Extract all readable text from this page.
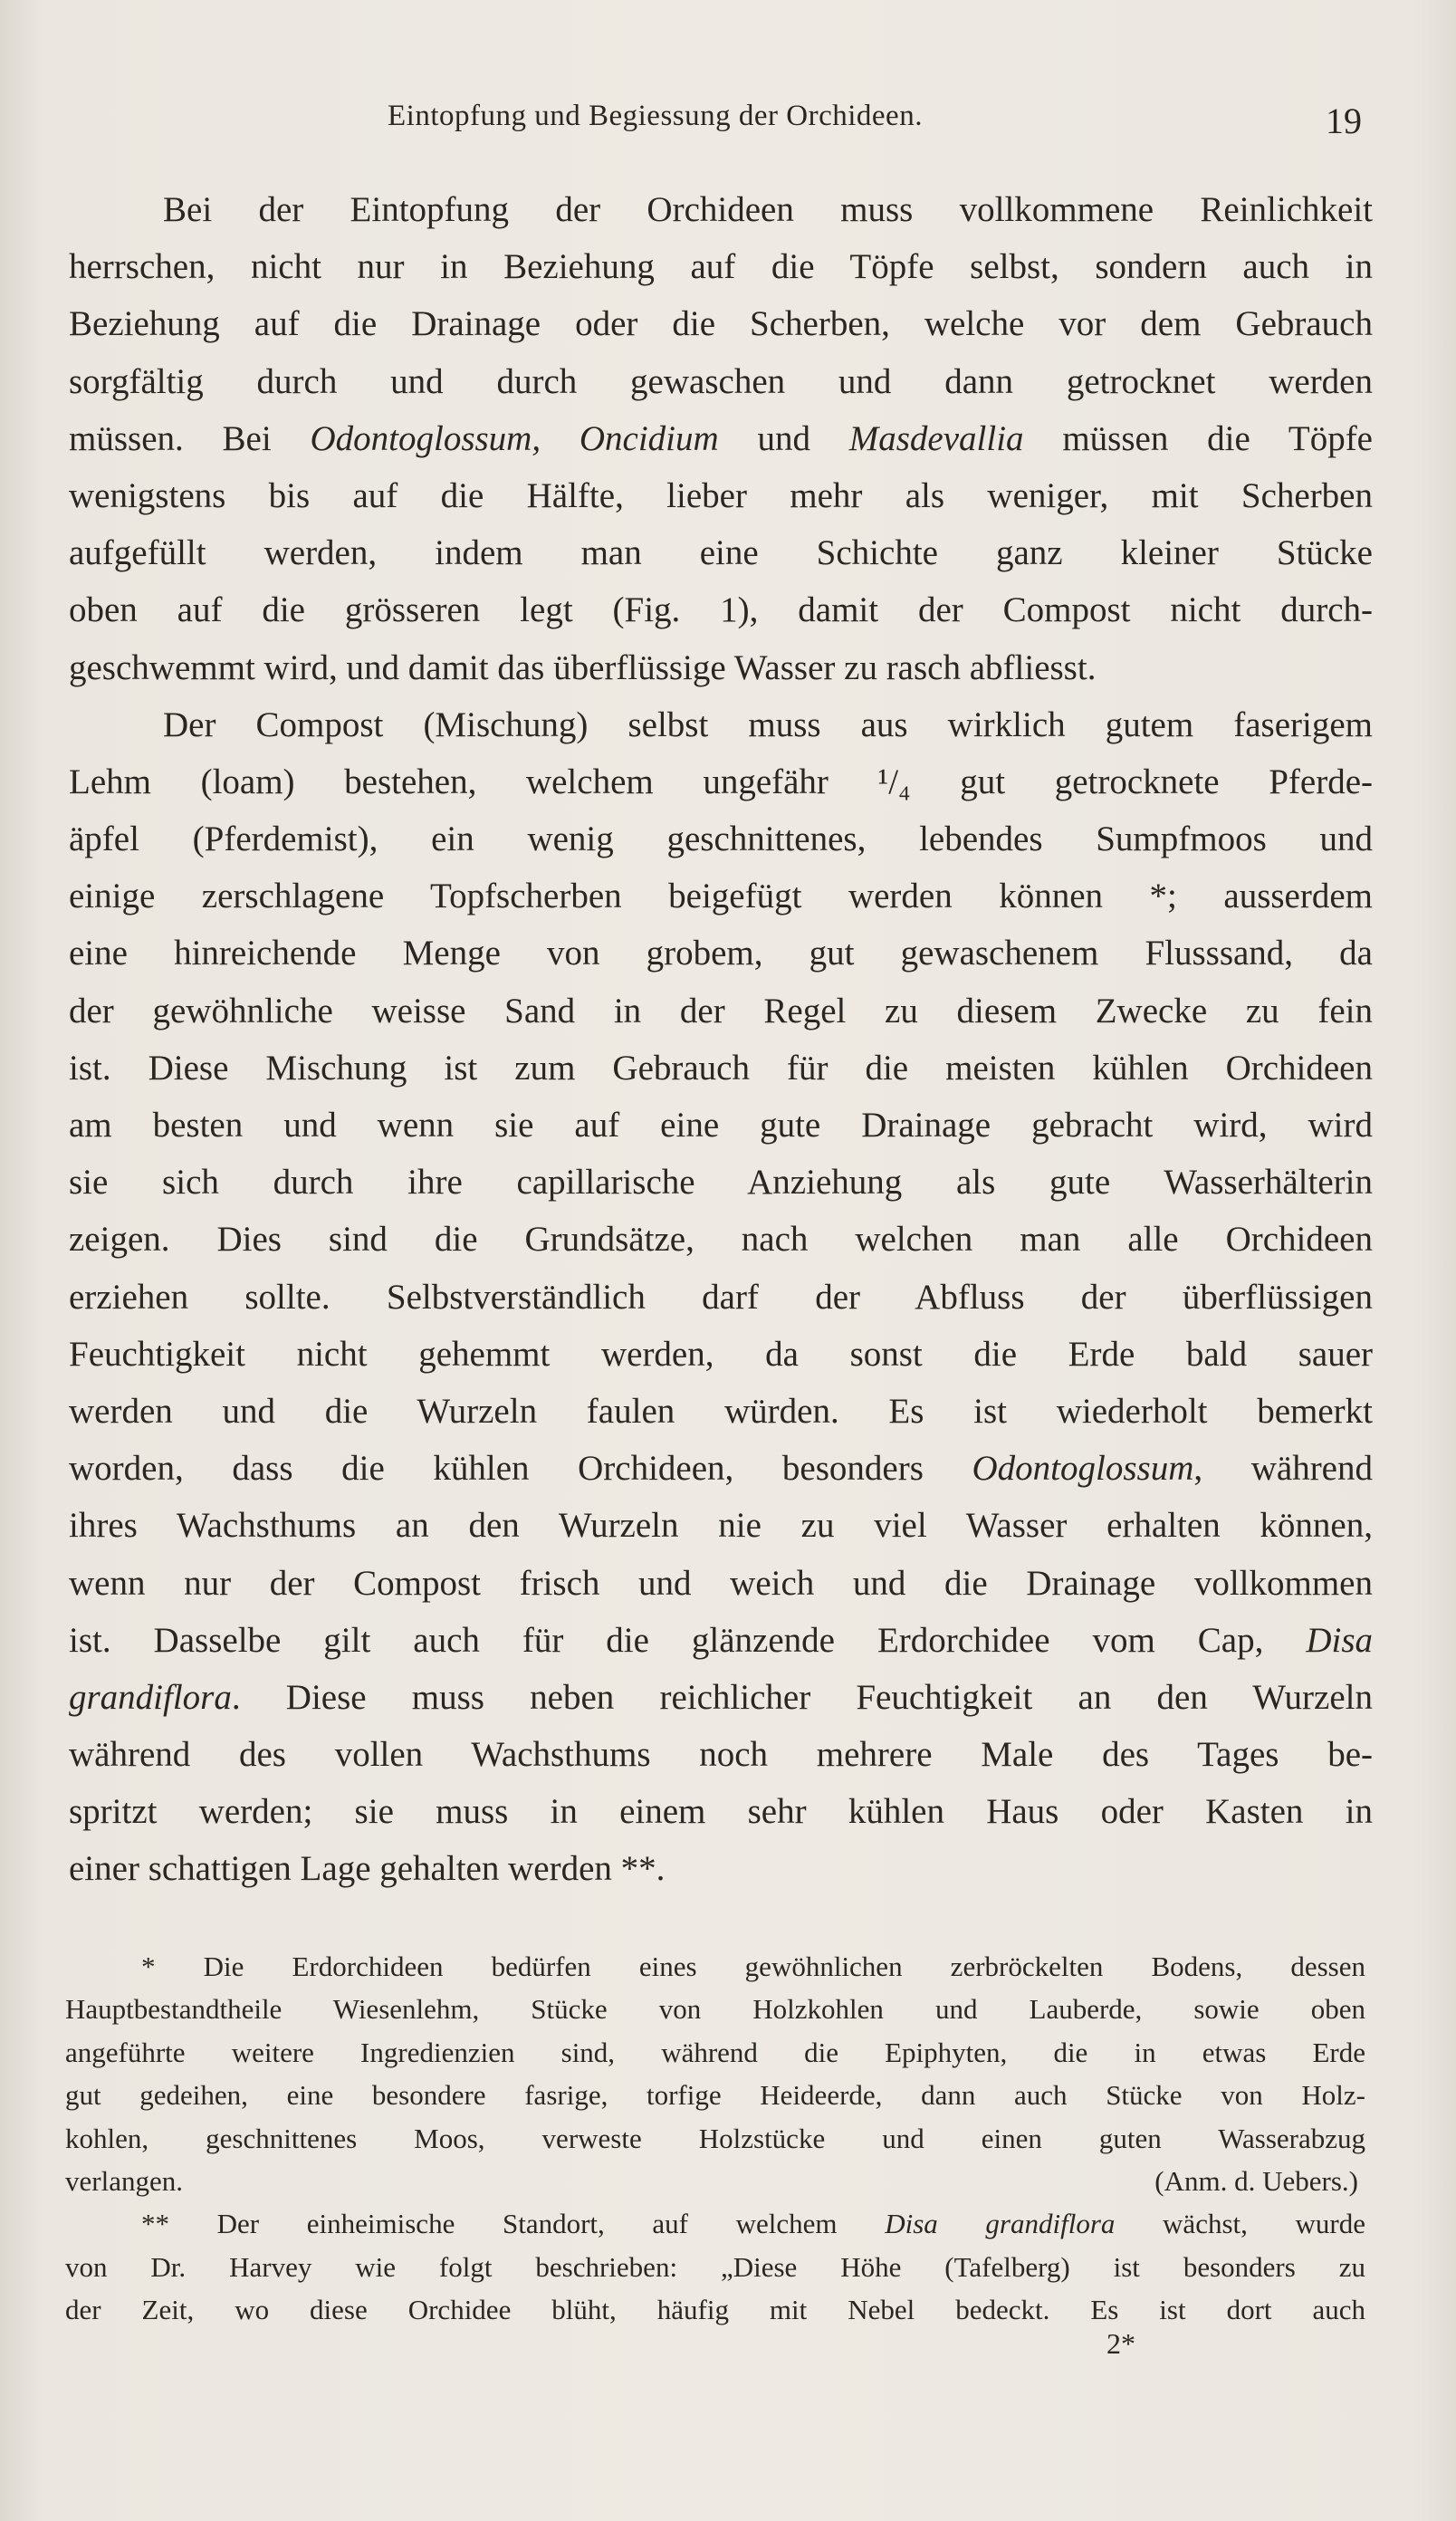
Eintopfung und Begiessung der Orchideen.	19
Bei der Eintopfung der Orchideen muss vollkommene Reinlichkeit
herrschen, nicht nur in Beziehung auf die Töpfe selbst, sondern auch in
Beziehung auf die Drainage oder die Scherben, welche vor dem Gebrauch
sorgfältig durch und durch gewaschen und dann getrocknet werden
müssen. Bei Odontoglossum, Oncidium und Masdevallia müssen die Töpfe
wenigstens bis auf die Hälfte, lieber mehr als weniger, mit Scherben
aufgefüllt werden, indem man eine Schichte ganz kleiner Stücke
oben auf die grösseren legt (Fig. 1), damit der Compost nicht durch-
geschwemmt wird, und damit das überflüssige Wasser zu rasch abfliesst.
Der Compost (Mischung) selbst muss aus wirklich gutem faserigem
Lehm (loam) bestehen, welchem ungefähr ¹/₄ gut getrocknete Pferde-
äpfel (Pferdemist), ein wenig geschnittenes, lebendes Sumpfmoos und
einige zerschlagene Topfscherben beigefügt werden können *; ausserdem
eine hinreichende Menge von grobem, gut gewaschenem Flusssand, da
der gewöhnliche weisse Sand in der Regel zu diesem Zwecke zu fein
ist. Diese Mischung ist zum Gebrauch für die meisten kühlen Orchideen
am besten und wenn sie auf eine gute Drainage gebracht wird, wird
sie sich durch ihre capillarische Anziehung als gute Wasserhälterin
zeigen. Dies sind die Grundsätze, nach welchen man alle Orchideen
erziehen sollte. Selbstverständlich darf der Abfluss der überflüssigen
Feuchtigkeit nicht gehemmt werden, da sonst die Erde bald sauer
werden und die Wurzeln faulen würden. Es ist wiederholt bemerkt
worden, dass die kühlen Orchideen, besonders Odontoglossum, während
ihres Wachsthums an den Wurzeln nie zu viel Wasser erhalten können,
wenn nur der Compost frisch und weich und die Drainage vollkommen
ist. Dasselbe gilt auch für die glänzende Erdorchidee vom Cap, Disa
grandiflora. Diese muss neben reichlicher Feuchtigkeit an den Wurzeln
während des vollen Wachsthums noch mehrere Male des Tages be-
spritzt werden; sie muss in einem sehr kühlen Haus oder Kasten in
einer schattigen Lage gehalten werden **.
* Die Erdorchideen bedürfen eines gewöhnlichen zerbröckelten Bodens, dessen
Hauptbestandtheile Wiesenlehm, Stücke von Holzkohlen und Lauberde, sowie oben
angeführte weitere Ingredienzien sind, während die Epiphyten, die in etwas Erde
gut gedeihen, eine besondere fasrige, torfige Heideerde, dann auch Stücke von Holz-
kohlen, geschnittenes Moos, verweste Holzstücke und einen guten Wasserabzug
verlangen.	(Anm. d. Uebers.)
** Der einheimische Standort, auf welchem Disa grandiflora wächst, wurde
von Dr. Harvey wie folgt beschrieben: „Diese Höhe (Tafelberg) ist besonders zu
der Zeit, wo diese Orchidee blüht, häufig mit Nebel bedeckt. Es ist dort auch
2*
